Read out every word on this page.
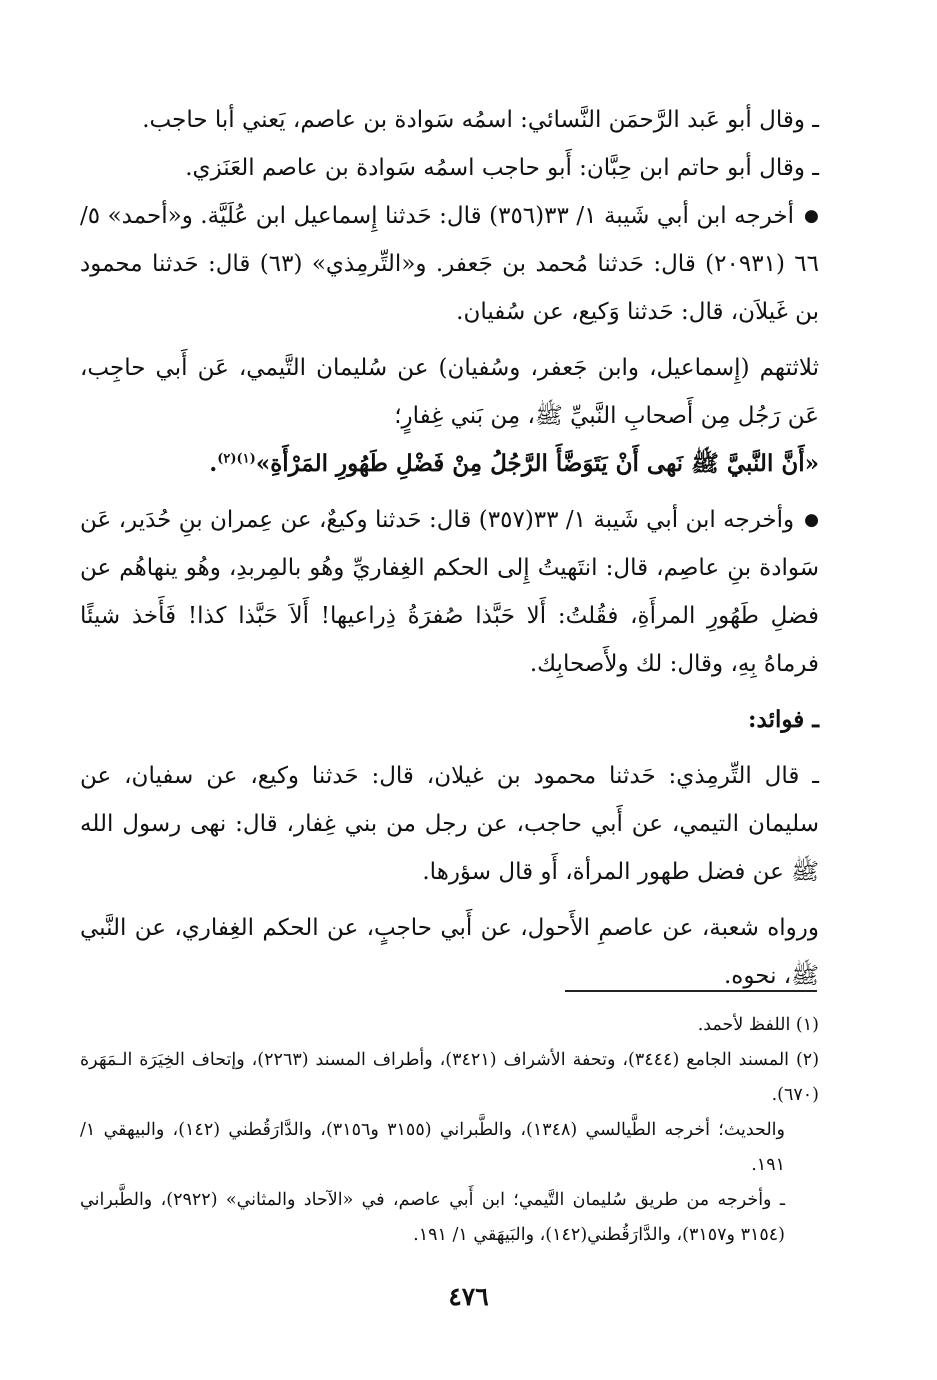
ـ وقال أبو عَبد الرَّحمَن النَّسائي: اسمُه سَوادة بن عاصم، يَعني أبا حاجب.

ـ وقال أبو حاتم ابن حِبَّان: أَبو حاجب اسمُه سَوادة بن عاصم العَنَزي.

● أخرجه ابن أبي شَيبة ١/ ٣٣(٣٥٦) قال: حَدثنا إِسماعيل ابن عُلَيَّة. و«أحمد» ٥/ ٦٦ (٢٠٩٣١) قال: حَدثنا مُحمد بن جَعفر. و«التِّرمِذي» (٦٣) قال: حَدثنا محمود بن غَيلاَن، قال: حَدثنا وَكيع، عن سُفيان.

ثلاثتهم (إِسماعيل، وابن جَعفر، وسُفيان) عن سُليمان التَّيمي، عَن أَبي حاجِب، عَن رَجُل مِن أَصحابِ النَّبيِّ ﷺ، مِن بَني غِفارٍ؛

«أَنَّ النَّبيَّ ﷺ نَهى أَنْ يَتَوَضَّأَ الرَّجُلُ مِنْ فَضْلِ طَهُورِ المَرْأَةِ»$^{(١)(٢)}$.

● وأخرجه ابن أبي شَيبة ١/ ٣٣(٣٥٧) قال: حَدثنا وكيعٌ، عن عِمران بنِ حُدَير، عَن سَوادة بنِ عاصِم، قال: انتَهيتُ إِلى الحكم الغِفاريِّ وهُو بالمِربدِ، وهُو ينهاهُم عن فضلِ طَهُورِ المرأَةِ، فقُلتُ: أَلا حَبَّذا صُفرَةُ ذِراعيها! أَلاَ حَبَّذا كذا! فَأَخذ شيئًا فرماهُ بِهِ، وقال: لك ولأَصحابِك.

ـ فوائد:

ـ قال التِّرمِذي: حَدثنا محمود بن غيلان، قال: حَدثنا وكيع، عن سفيان، عن سليمان التيمي، عن أَبي حاجب، عن رجل من بني غِفار، قال: نهى رسول الله ﷺ عن فضل طهور المرأة، أَو قال سؤرها.

ورواه شعبة، عن عاصمِ الأَحول، عن أَبي حاجبٍ، عن الحكم الغِفاري، عن النَّبي ﷺ، نحوه.

(١) اللفظ لأحمد.

(٢) المسند الجامع (٣٤٤٤)، وتحفة الأشراف (٣٤٢١)، وأطراف المسند (٢٢٦٣)، وإتحاف الخِيَرَة الـمَهَرة (٦٧٠).

والحديث؛ أخرجه الطَّيالسي (١٣٤٨)، والطَّبراني (٣١٥٥ و٣١٥٦)، والدَّارَقُطني (١٤٢)، والبيهقي ١/ ١٩١.

ـ وأخرجه من طريق سُليمان التَّيمي؛ ابن أَبي عاصم، في «الآحاد والمثاني» (٢٩٢٢)، والطَّبراني (٣١٥٤ و٣١٥٧)، والدَّارَقُطني(١٤٢)، والبَيهَقي ١/ ١٩١.

٤٧٦
